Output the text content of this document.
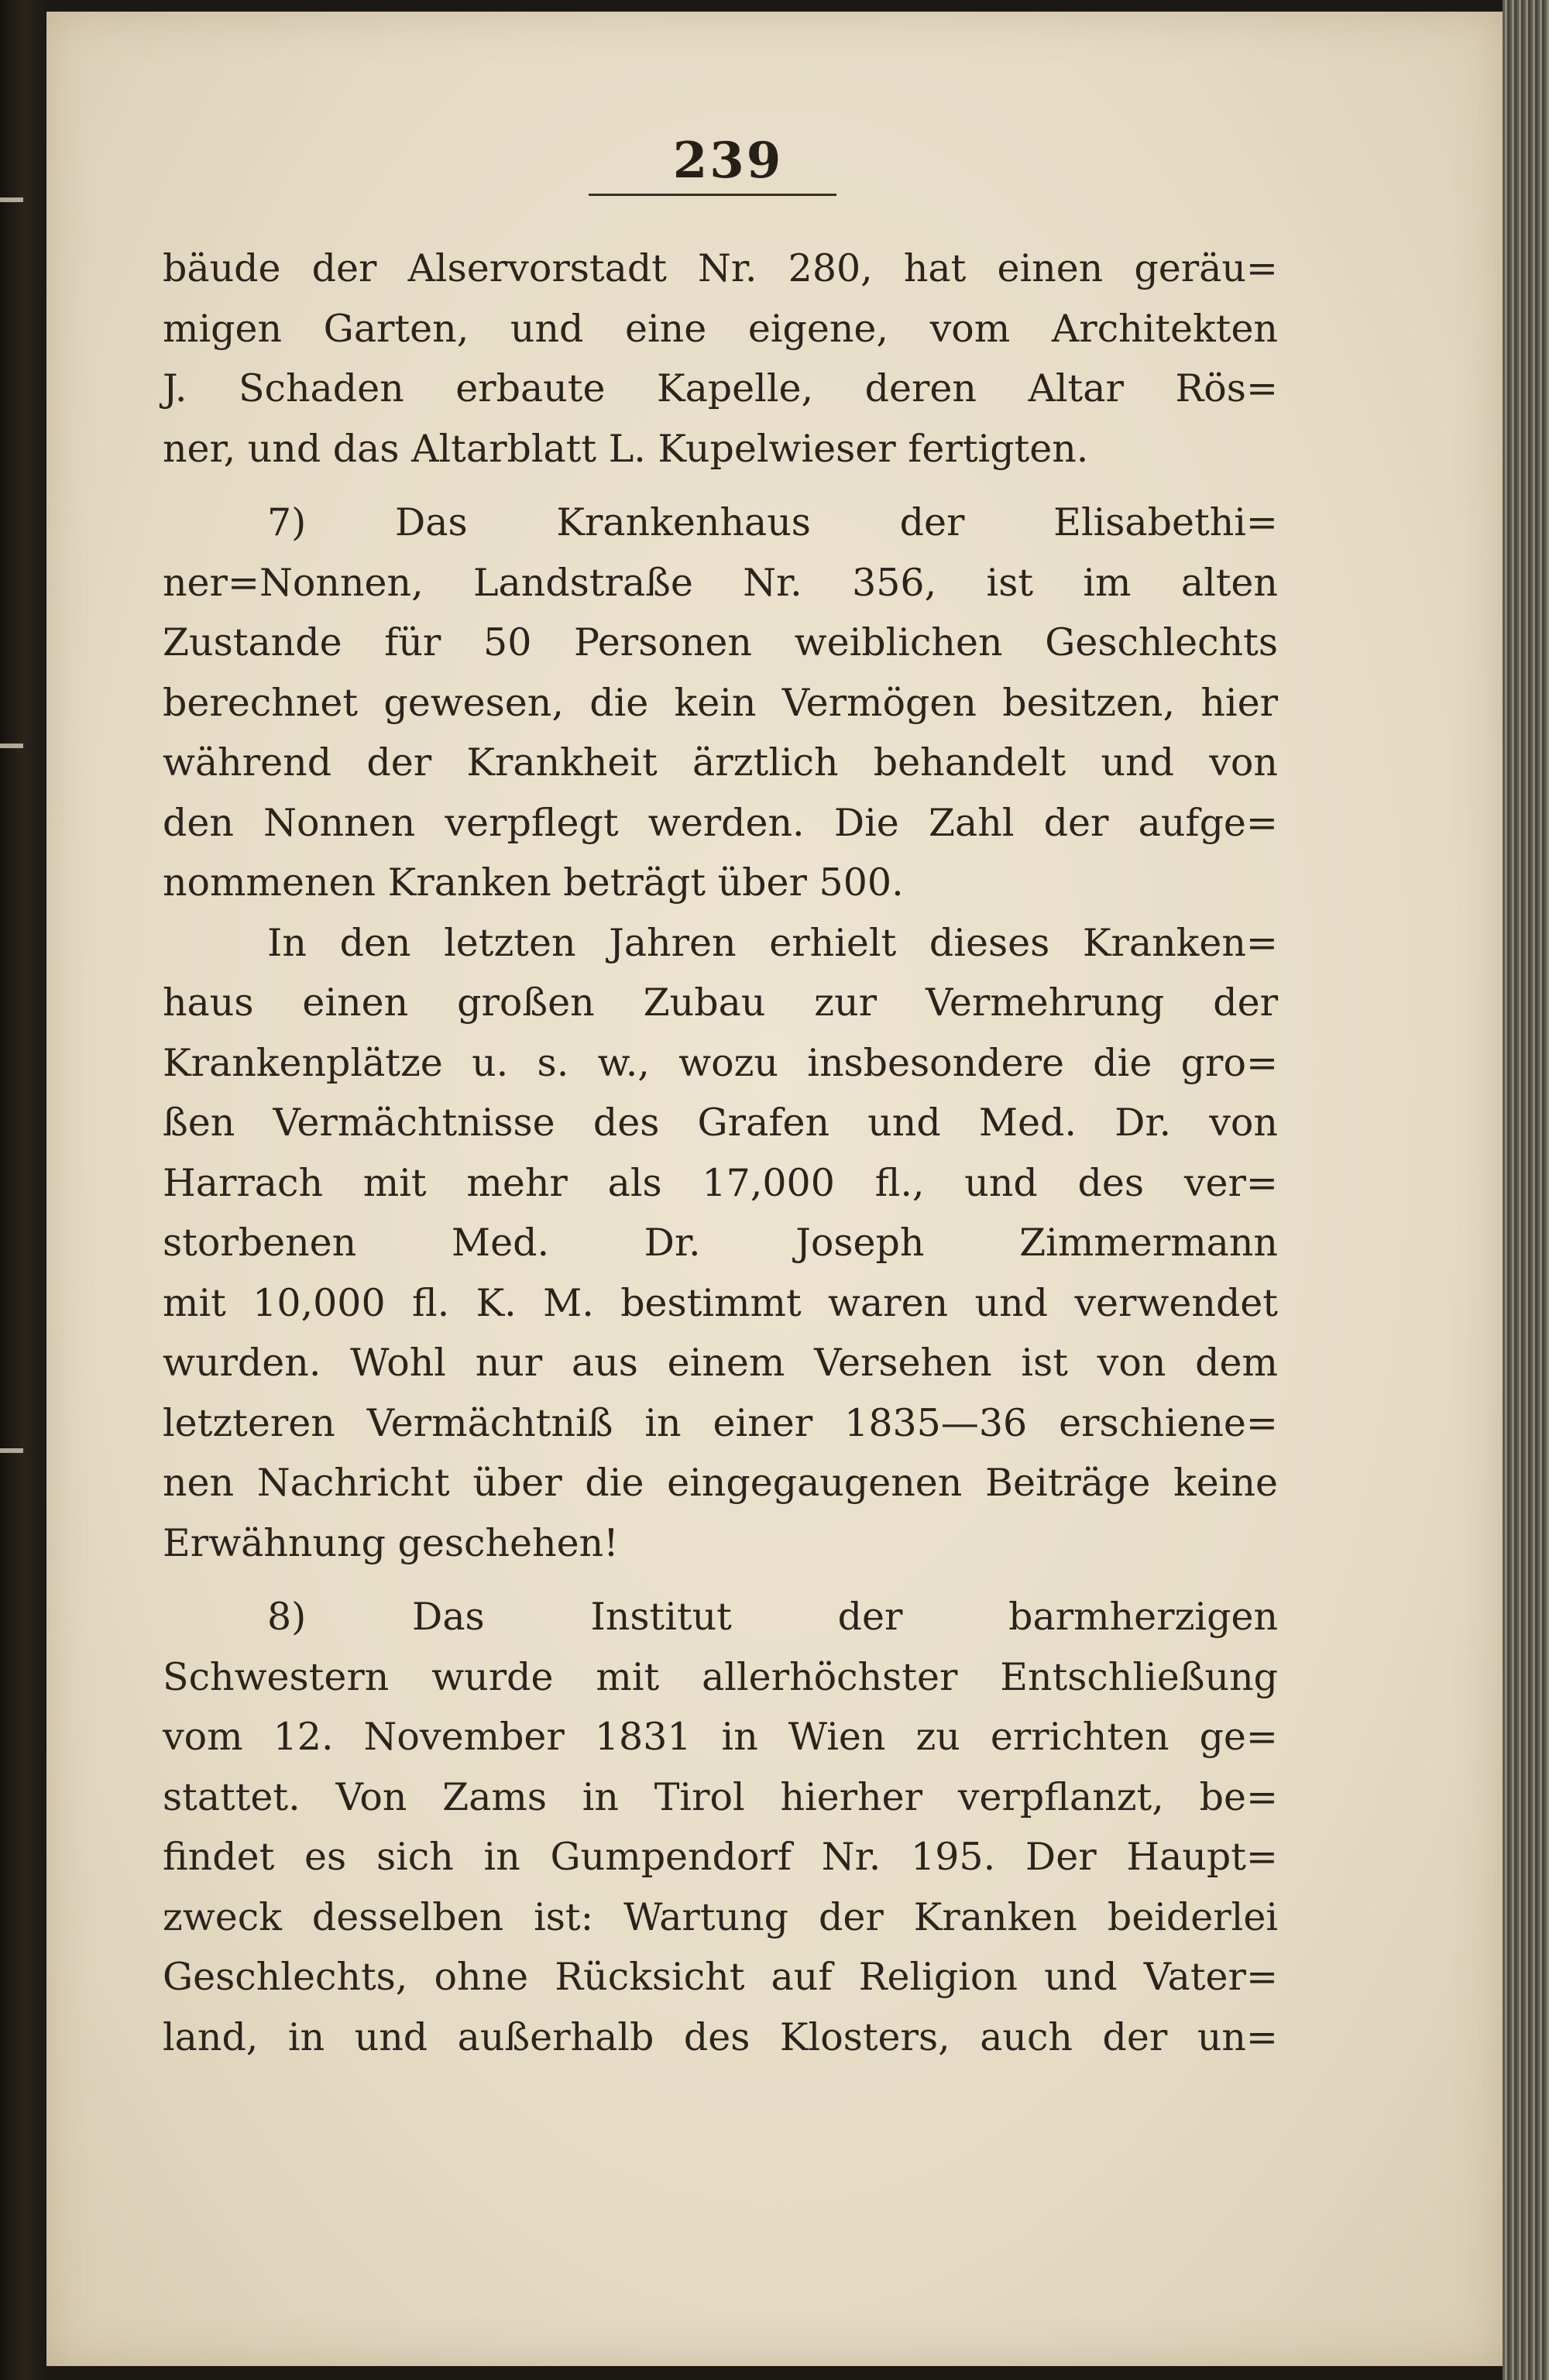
239
bäude der Alservorstadt Nr. 280, hat einen geräu=
migen Garten, und eine eigene, vom Architekten
J. Schaden erbaute Kapelle, deren Altar Rös=
ner, und das Altarblatt L. Kupelwieser fertigten.
7) Das Krankenhaus der Elisabethi=
ner=Nonnen, Landstraße Nr. 356, ist im alten
Zustande für 50 Personen weiblichen Geschlechts
berechnet gewesen, die kein Vermögen besitzen, hier
während der Krankheit ärztlich behandelt und von
den Nonnen verpflegt werden. Die Zahl der aufge=
nommenen Kranken beträgt über 500.
In den letzten Jahren erhielt dieses Kranken=
haus einen großen Zubau zur Vermehrung der
Krankenplätze u. s. w., wozu insbesondere die gro=
ßen Vermächtnisse des Grafen und Med. Dr. von
Harrach mit mehr als 17,000 fl., und des ver=
storbenen Med. Dr. Joseph Zimmermann
mit 10,000 fl. K. M. bestimmt waren und verwendet
wurden. Wohl nur aus einem Versehen ist von dem
letzteren Vermächtniß in einer 1835—36 erschiene=
nen Nachricht über die eingegaugenen Beiträge keine
Erwähnung geschehen!
8) Das Institut der barmherzigen
Schwestern wurde mit allerhöchster Entschließung
vom 12. November 1831 in Wien zu errichten ge=
stattet. Von Zams in Tirol hierher verpflanzt, be=
findet es sich in Gumpendorf Nr. 195. Der Haupt=
zweck desselben ist: Wartung der Kranken beiderlei
Geschlechts, ohne Rücksicht auf Religion und Vater=
land, in und außerhalb des Klosters, auch der un=
